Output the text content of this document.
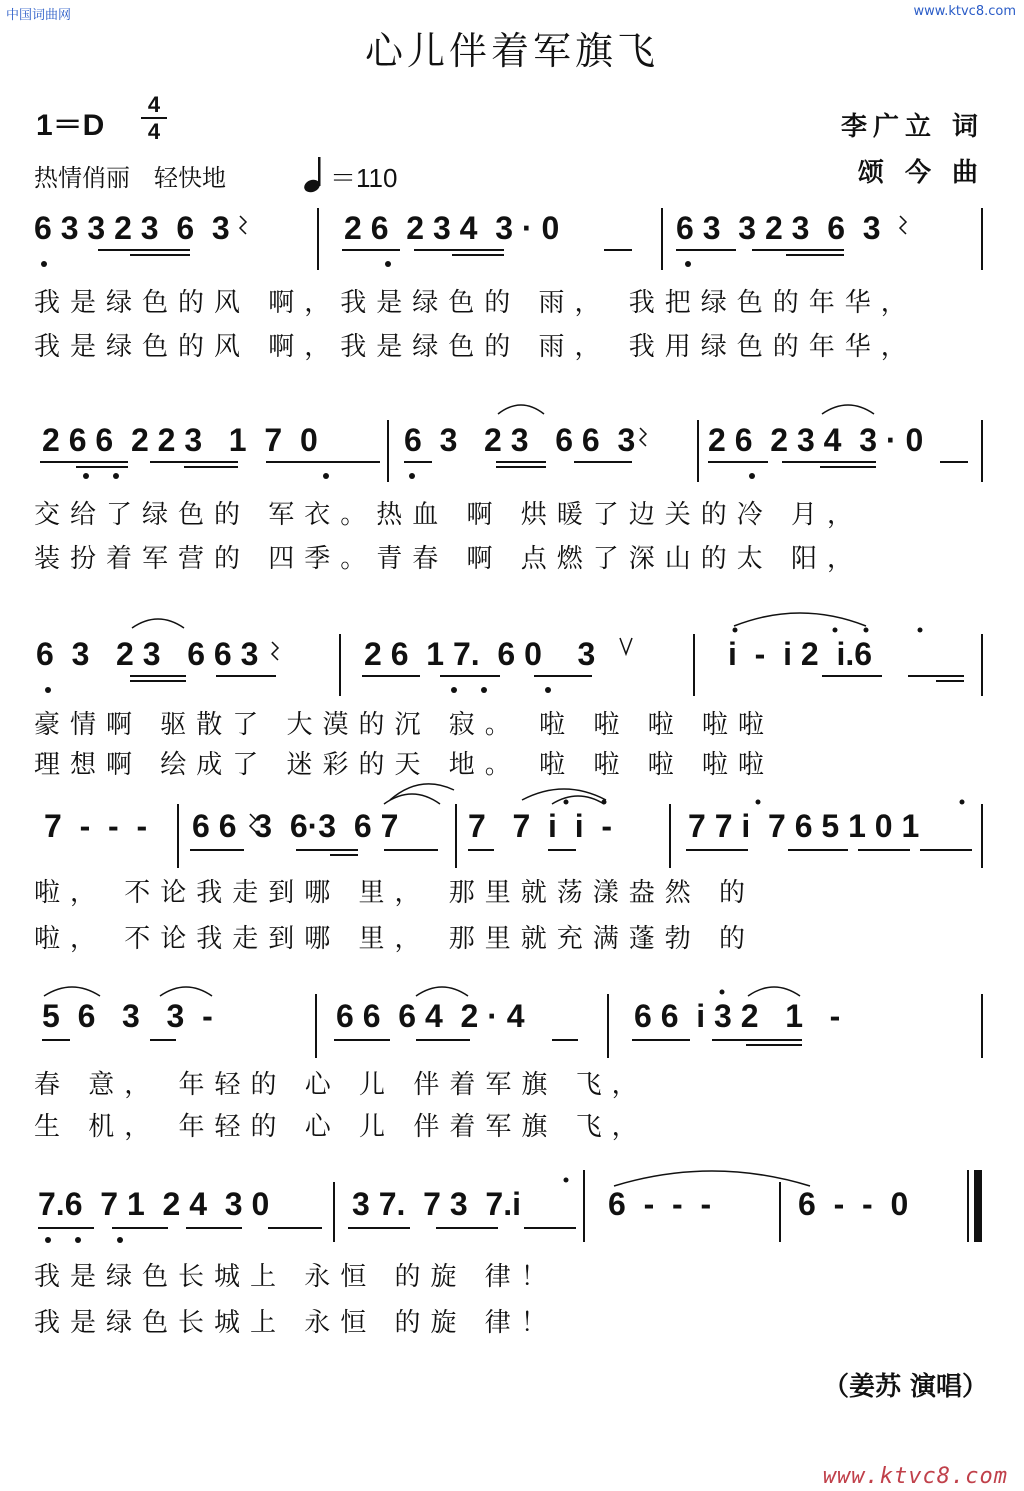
中国词曲网	www.ktvc8.com
心儿伴着军旗飞
1＝D
4
4
热情俏丽　轻快地	＝110
李广立 词
颂 今 曲
6 3 3 2 3  6  3	2 6  2 3 4  3 · 0	6 3  3 2 3  6  3
我是绿色的风 啊，我是绿色的 雨， 我把绿色的年华，
我是绿色的风 啊，我是绿色的 雨， 我用绿色的年华，
2 6 6  2 2 3   1  7  0	6  3   2 3   6 6  3 2 6  2 3 4  3 · 0
交给了绿色的 军衣。热血 啊 烘暖了边关的冷 月，
装扮着军营的 四季。青春 啊 点燃了深山的太 阳，
6  3   2 3   6 6 3	2 6  1 7.  6 0    3	i  -  i 2  i.6
豪情啊 驱散了 大漠的沉 寂。 啦 啦 啦 啦啦
理想啊 绘成了 迷彩的天 地。 啦 啦 啦 啦啦
7  -  -  - 6 6  3  6·3  6 7 7   7  i  i  - 7 7 i  7 6 5 1 0 1
啦， 不论我走到哪 里， 那里就荡漾盎然 的
啦， 不论我走到哪 里， 那里就充满蓬勃 的
5  6   3   3  -	6 6  6 4  2 · 4	6 6  i 3 2   1   -
春 意， 年轻的 心 儿 伴着军旗 飞，
生 机， 年轻的 心 儿 伴着军旗 飞，
7.6  7 1  2 4  3 0	3 7.  7 3  7.i	6  -  -  -	6  -  -  0
我是绿色长城上 永恒 的旋 律！
我是绿色长城上 永恒 的旋 律！
（姜苏 演唱）
www.ktvc8.com
